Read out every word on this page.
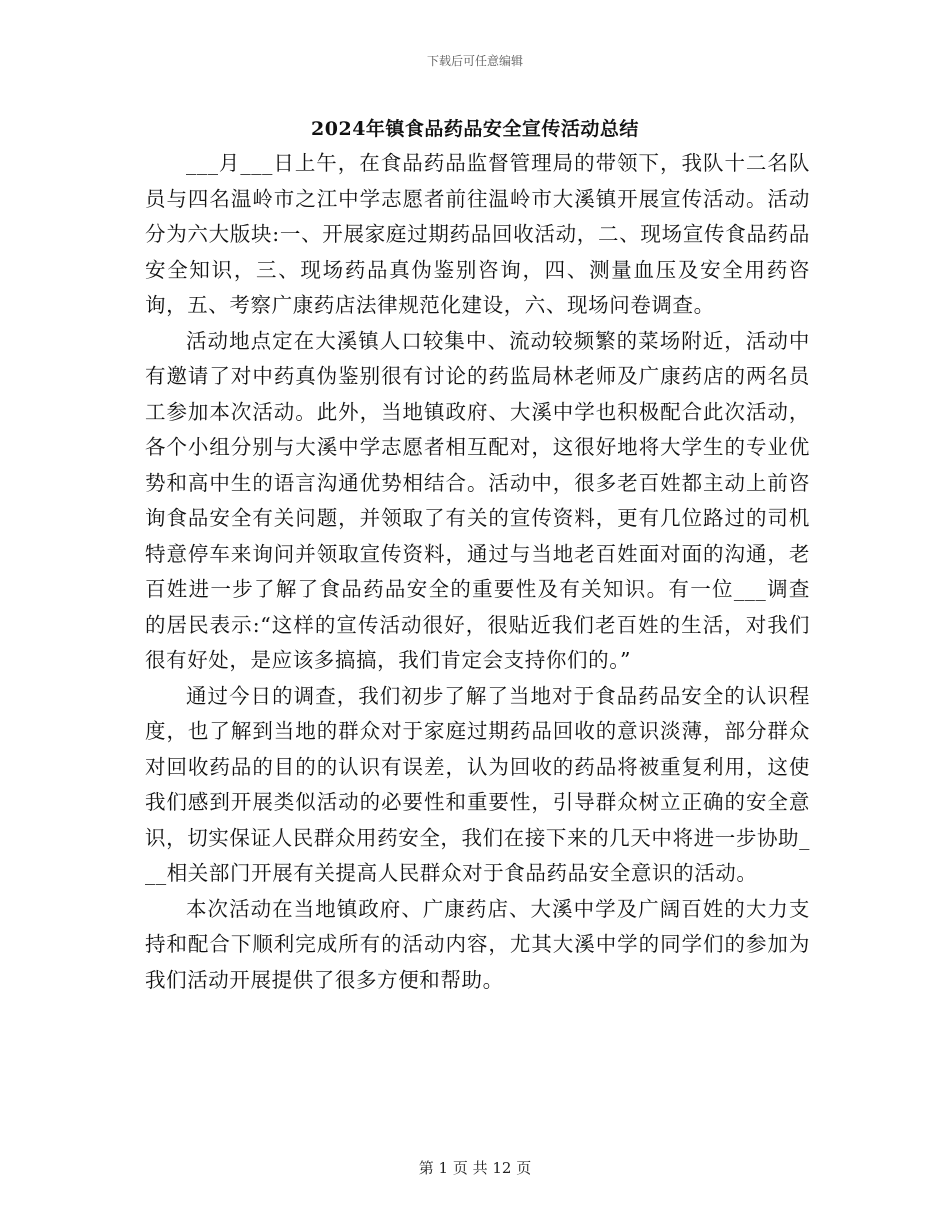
下载后可任意编辑
2024年镇食品药品安全宣传活动总结

___月___日上午，在食品药品监督管理局的带领下，我队十二名队员与四名温岭市之江中学志愿者前往温岭市大溪镇开展宣传活动。活动分为六大版块:一、开展家庭过期药品回收活动，二、现场宣传食品药品安全知识，三、现场药品真伪鉴别咨询，四、测量血压及安全用药咨询，五、考察广康药店法律规范化建设，六、现场问卷调查。

活动地点定在大溪镇人口较集中、流动较频繁的菜场附近，活动中有邀请了对中药真伪鉴别很有讨论的药监局林老师及广康药店的两名员工参加本次活动。此外，当地镇政府、大溪中学也积极配合此次活动，各个小组分别与大溪中学志愿者相互配对，这很好地将大学生的专业优势和高中生的语言沟通优势相结合。活动中，很多老百姓都主动上前咨询食品安全有关问题，并领取了有关的宣传资料，更有几位路过的司机特意停车来询问并领取宣传资料，通过与当地老百姓面对面的沟通，老百姓进一步了解了食品药品安全的重要性及有关知识。有一位___调查的居民表示:“这样的宣传活动很好，很贴近我们老百姓的生活，对我们很有好处，是应该多搞搞，我们肯定会支持你们的。”

通过今日的调查，我们初步了解了当地对于食品药品安全的认识程度，也了解到当地的群众对于家庭过期药品回收的意识淡薄，部分群众对回收药品的目的的认识有误差，认为回收的药品将被重复利用，这使我们感到开展类似活动的必要性和重要性，引导群众树立正确的安全意识，切实保证人民群众用药安全，我们在接下来的几天中将进一步协助___相关部门开展有关提高人民群众对于食品药品安全意识的活动。

本次活动在当地镇政府、广康药店、大溪中学及广阔百姓的大力支持和配合下顺利完成所有的活动内容，尤其大溪中学的同学们的参加为我们活动开展提供了很多方便和帮助。

第 1 页 共 12 页
